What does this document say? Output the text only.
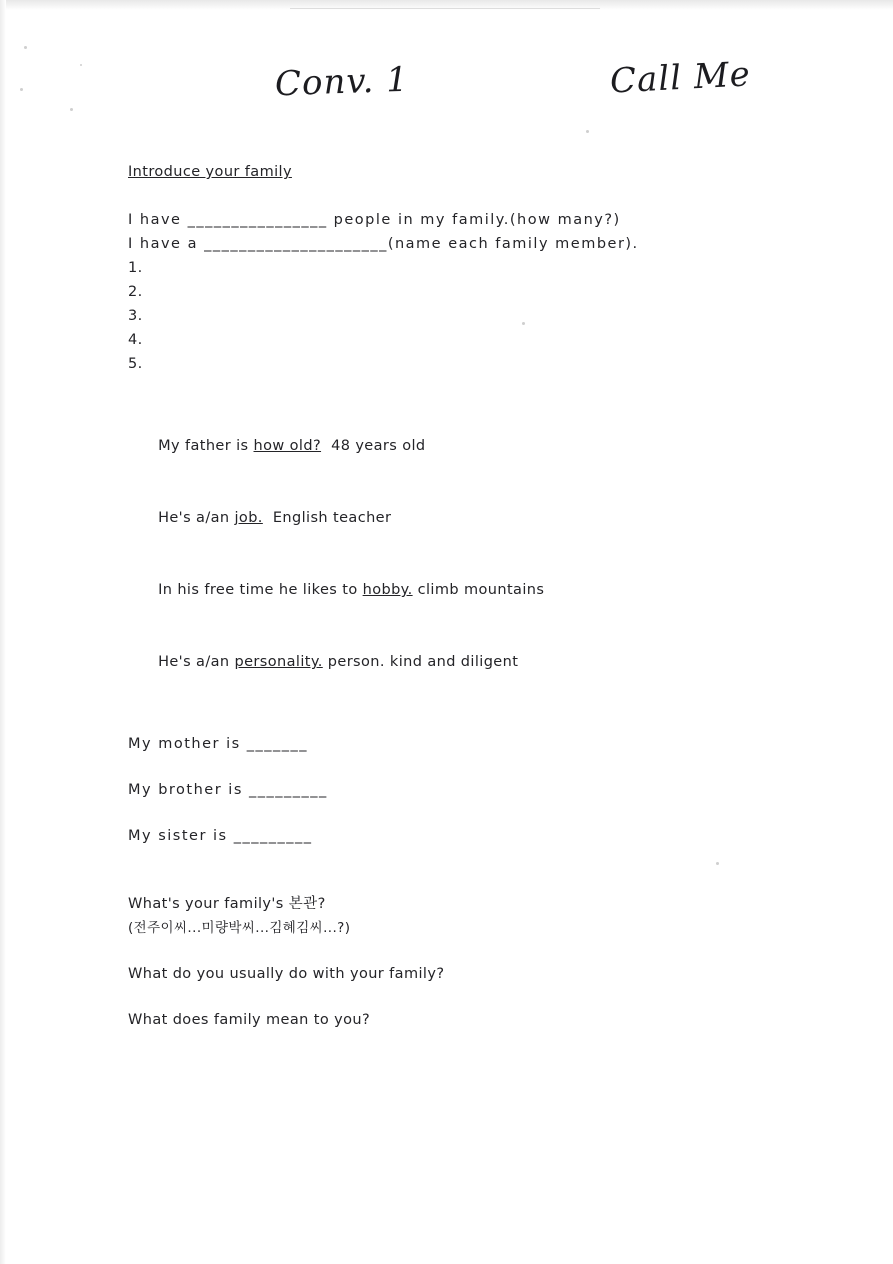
Conv. 1	Call Me
Introduce your family
I have ________________ people in my family.(how many?)
I have a _____________________(name each family member).
1.
2.
3.
4.
5.

My father is how old?  48 years old

He's a/an job.  English teacher

In his free time he likes to hobby. climb mountains

He's a/an personality. person. kind and diligent

My mother is _______
My brother is _________
My sister is _________
What's your family's 본관?
(전주이씨...미량박씨...김혜김씨...?)
What do you usually do with your family?
What does family mean to you?
